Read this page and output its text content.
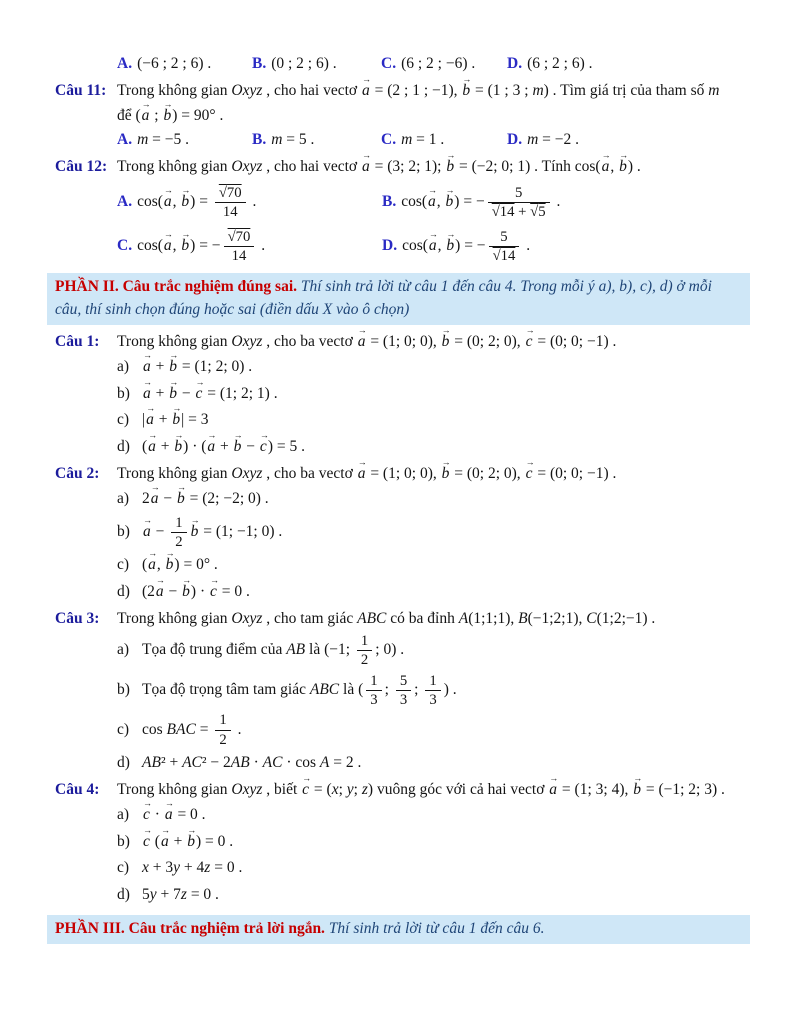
A. (−6 ; 2 ; 6) .	B. (0 ; 2 ; 6) .	C. (6 ; 2 ; −6) .	D. (6 ; 2 ; 6) .
Câu 11: Trong không gian Oxyz , cho hai vectơ a → = (2 ; 1 ; −1), b → = (1 ; 3 ; m) . Tìm giá trị của tham số m
để (a → ; b →) = 90° .
A. m = −5 .	B. m = 5 .	C. m = 1 .	D. m = −2 .
Câu 12: Trong không gian Oxyz , cho hai vectơ a → = (3; 2; 1); b → = (−2; 0; 1) . Tính cos(a →, b →) .
A. cos(a →, b →) = √ $\frac{70}{14}$ .	B. cos(a →, b →) = − 5
√ 14 + √ 5 .
C. cos(a →, b →) = − √ $\frac{70}{14}$ .	D. cos(a →, b →) = − 5
√ 14 .
PHẦN II. Câu trắc nghiệm đúng sai. Thí sinh trả lời từ câu 1 đến câu 4. Trong mỗi ý a), b), c), d) ở mỗi câu, thí sinh chọn đúng hoặc sai (điền dấu X vào ô chọn)
Câu 1:	Trong không gian Oxyz , cho ba vectơ a → = (1; 0; 0), b → = (0; 2; 0), c → = (0; 0; −1) .
a) a → + b → = (1; 2; 0) .
b) a → + b → − c → = (1; 2; 1) .
c) |a → + b →| = 3
d) (a → + b →) · (a → + b → − c →) = 5 .
Câu 2:	Trong không gian Oxyz , cho ba vectơ a → = (1; 0; 0), b → = (0; 2; 0), c → = (0; 0; −1) .
a) 2a → − b → = (2; −2; 0) .
b) a → − $\frac{1}{2}$ b → = (1; −1; 0) .
c) (a →, b →) = 0° .
d) (2a → − b →) · c → = 0 .
Câu 3:	Trong không gian Oxyz , cho tam giác ABC có ba đỉnh A(1;1;1), B(−1;2;1), C(1;2;−1) .
a) Tọa độ trung điểm của AB là (−1; $\frac{1}{2}$ ; 0) .
b) Tọa độ trọng tâm tam giác ABC là ( $\frac{1}{3}$ ; $\frac{5}{3}$ ; $\frac{1}{3}$ ) .
c) cos BAC = $\frac{1}{2}$ .
d) AB² + AC² − 2AB · AC · cos A = 2 .
Câu 4:	Trong không gian Oxyz , biết c → = (x; y; z) vuông góc với cả hai vectơ a → = (1; 3; 4), b → = (−1; 2; 3) .
a) c → · a → = 0 .
b) c → (a → + b →) = 0 .
c) x + 3y + 4z = 0 .
d) 5y + 7z = 0 .
PHẦN III. Câu trắc nghiệm trả lời ngắn. Thí sinh trả lời từ câu 1 đến câu 6.
